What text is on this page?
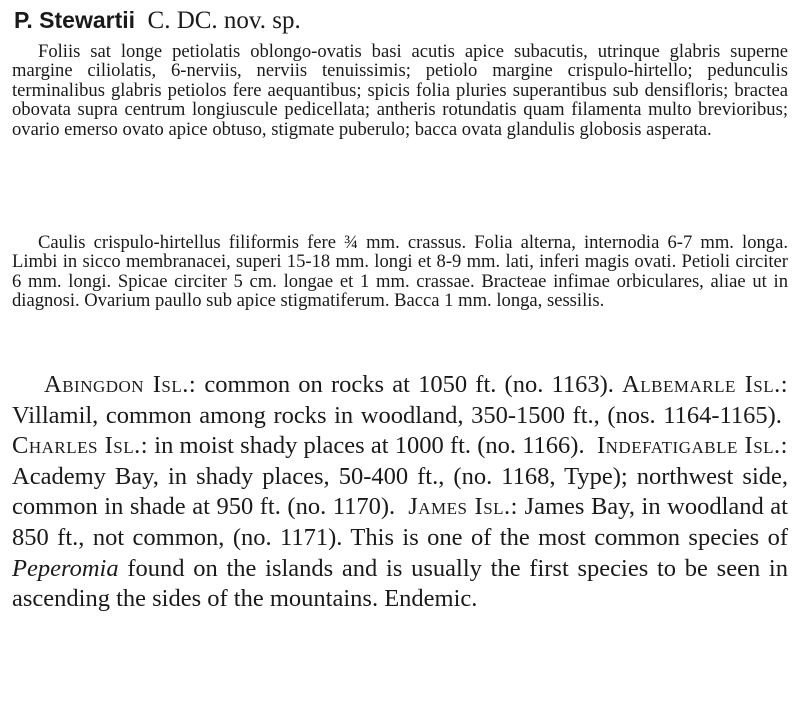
P. Stewartii C. DC. nov. sp.

Foliis sat longe petiolatis oblongo-ovatis basi acutis apice subacutis, utrinque glabris superne margine ciliolatis, 6-nerviis, nerviis tenuissimis; petiolo margine crispulo-hirtello; pedunculis terminalibus glabris petiolos fere aequantibus; spicis folia pluries superantibus sub densifloris; bractea obovata supra centrum longiuscule pedicellata; antheris rotundatis quam filamenta multo brevioribus; ovario emerso ovato apice obtuso, stigmate puberulo; bacca ovata glandulis globosis asperata.

Caulis crispulo-hirtellus filiformis fere ¾ mm. crassus. Folia alterna, internodia 6-7 mm. longa. Limbi in sicco membranacei, superi 15-18 mm. longi et 8-9 mm. lati, inferi magis ovati. Petioli circiter 6 mm. longi. Spicae circiter 5 cm. longae et 1 mm. crassae. Bracteae infimae orbiculares, aliae ut in diagnosi. Ovarium paullo sub apice stigmatiferum. Bacca 1 mm. longa, sessilis.

Abingdon Isl.: common on rocks at 1050 ft. (no. 1163). Albemarle Isl.: Villamil, common among rocks in woodland, 350-1500 ft., (nos. 1164-1165).  Charles Isl.: in moist shady places at 1000 ft. (no. 1166). Indefatigable Isl.: Academy Bay, in shady places, 50-400 ft., (no. 1168, Type); northwest side, common in shade at 950 ft. (no. 1170). James Isl.: James Bay, in woodland at 850 ft., not common, (no. 1171). This is one of the most common species of Peperomia found on the islands and is usually the first species to be seen in ascending the sides of the mountains. Endemic.
